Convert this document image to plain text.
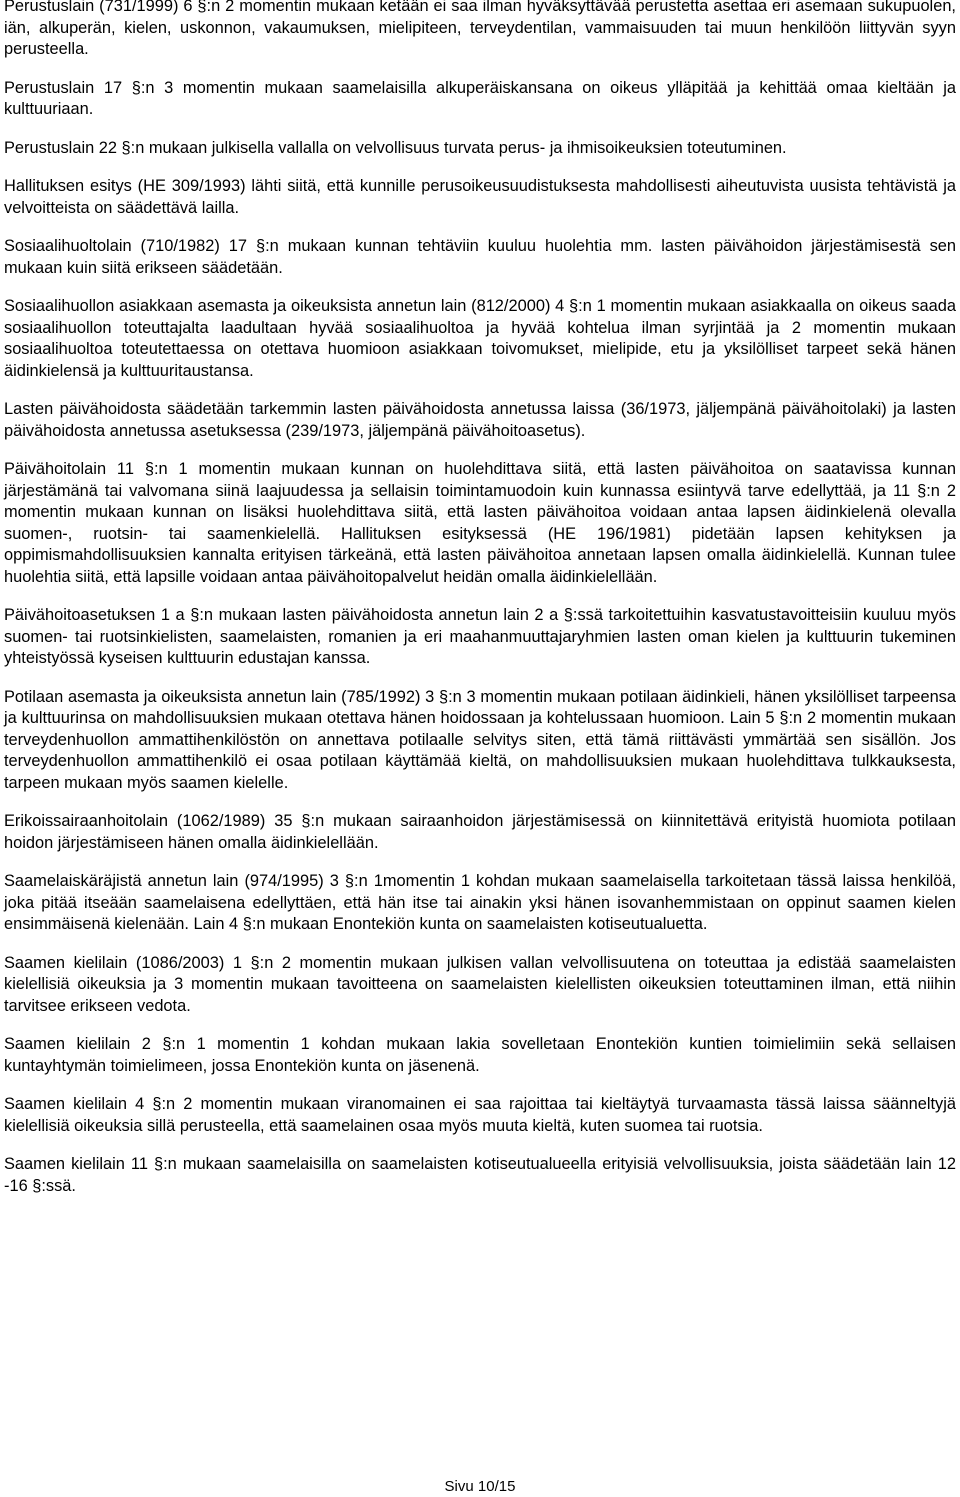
Perustuslain (731/1999) 6 §:n 2 momentin mukaan ketään ei saa ilman hyväksyttävää perustetta asettaa eri asemaan sukupuolen, iän, alkuperän, kielen, uskonnon, vakaumuksen, mielipiteen, terveydentilan, vammaisuuden tai muun henkilöön liittyvän syyn perusteella.

Perustuslain 17 §:n 3 momentin mukaan saamelaisilla alkuperäiskansana on oikeus ylläpitää ja kehittää omaa kieltään ja kulttuuriaan.

Perustuslain 22 §:n mukaan julkisella vallalla on velvollisuus turvata perus- ja ihmisoikeuksien toteutuminen.

Hallituksen esitys (HE 309/1993) lähti siitä, että kunnille perusoikeusuudistuksesta mahdollisesti aiheutuvista uusista tehtävistä ja velvoitteista on säädettävä lailla.

Sosiaalihuoltolain (710/1982) 17 §:n mukaan kunnan tehtäviin kuuluu huolehtia mm. lasten päivähoidon järjestämisestä sen mukaan kuin siitä erikseen säädetään.

Sosiaalihuollon asiakkaan asemasta ja oikeuksista annetun lain (812/2000) 4 §:n 1 momentin mukaan asiakkaalla on oikeus saada sosiaalihuollon toteuttajalta laadultaan hyvää sosiaalihuoltoa ja hyvää kohtelua ilman syrjintää ja 2 momentin mukaan sosiaalihuoltoa toteutettaessa on otettava huomioon asiakkaan toivomukset, mielipide, etu ja yksilölliset tarpeet sekä hänen äidinkielensä ja kulttuuritaustansa.

Lasten päivähoidosta säädetään tarkemmin lasten päivähoidosta annetussa laissa (36/1973, jäljempänä päivähoitolaki) ja lasten päivähoidosta annetussa asetuksessa (239/1973, jäljempänä päivähoitoasetus).

Päivähoitolain 11 §:n 1 momentin mukaan kunnan on huolehdittava siitä, että lasten päivähoitoa on saatavissa kunnan järjestämänä tai valvomana siinä laajuudessa ja sellaisin toimintamuodoin kuin kunnassa esiintyvä tarve edellyttää, ja 11 §:n 2 momentin mukaan kunnan on lisäksi huolehdittava siitä, että lasten päivähoitoa voidaan antaa lapsen äidinkielenä olevalla suomen-, ruotsin- tai saamenkielellä. Hallituksen esityksessä (HE 196/1981) pidetään lapsen kehityksen ja oppimismahdollisuuksien kannalta erityisen tärkeänä, että lasten päivähoitoa annetaan lapsen omalla äidinkielellä. Kunnan tulee huolehtia siitä, että lapsille voidaan antaa päivähoitopalvelut heidän omalla äidinkielellään.

Päivähoitoasetuksen 1 a §:n mukaan lasten päivähoidosta annetun lain 2 a §:ssä tarkoitettuihin kasvatustavoitteisiin kuuluu myös suomen- tai ruotsinkielisten, saamelaisten, romanien ja eri maahanmuuttajaryhmien lasten oman kielen ja kulttuurin tukeminen yhteistyössä kyseisen kulttuurin edustajan kanssa.

Potilaan asemasta ja oikeuksista annetun lain (785/1992) 3 §:n 3 momentin mukaan potilaan äidinkieli, hänen yksilölliset tarpeensa ja kulttuurinsa on mahdollisuuksien mukaan otettava hänen hoidossaan ja kohtelussaan huomioon. Lain 5 §:n 2 momentin mukaan terveydenhuollon ammattihenkilöstön on annettava potilaalle selvitys siten, että tämä riittävästi ymmärtää sen sisällön. Jos terveydenhuollon ammattihenkilö ei osaa potilaan käyttämää kieltä, on mahdollisuuksien mukaan huolehdittava tulkkauksesta, tarpeen mukaan myös saamen kielelle.

Erikoissairaanhoitolain (1062/1989) 35 §:n mukaan sairaanhoidon järjestämisessä on kiinnitettävä erityistä huomiota potilaan hoidon järjestämiseen hänen omalla äidinkielellään.

Saamelaiskäräjistä annetun lain (974/1995) 3 §:n 1momentin 1 kohdan mukaan saamelaisella tarkoitetaan tässä laissa henkilöä, joka pitää itseään saamelaisena edellyttäen, että hän itse tai ainakin yksi hänen isovanhemmistaan on oppinut saamen kielen ensimmäisenä kielenään. Lain 4 §:n mukaan Enontekiön kunta on saamelaisten kotiseutualuetta.

Saamen kielilain (1086/2003) 1 §:n 2 momentin mukaan julkisen vallan velvollisuutena on toteuttaa ja edistää saamelaisten kielellisiä oikeuksia ja 3 momentin mukaan tavoitteena on saamelaisten kielellisten oikeuksien toteuttaminen ilman, että niihin tarvitsee erikseen vedota.

Saamen kielilain 2 §:n 1 momentin 1 kohdan mukaan lakia sovelletaan Enontekiön kuntien toimielimiin sekä sellaisen kuntayhtymän toimielimeen, jossa Enontekiön kunta on jäsenenä.

Saamen kielilain 4 §:n 2 momentin mukaan viranomainen ei saa rajoittaa tai kieltäytyä turvaamasta tässä laissa säänneltyjä kielellisiä oikeuksia sillä perusteella, että saamelainen osaa myös muuta kieltä, kuten suomea tai ruotsia.

Saamen kielilain 11 §:n mukaan saamelaisilla on saamelaisten kotiseutualueella erityisiä velvollisuuksia, joista säädetään lain 12 -16 §:ssä.

Sivu 10/15
